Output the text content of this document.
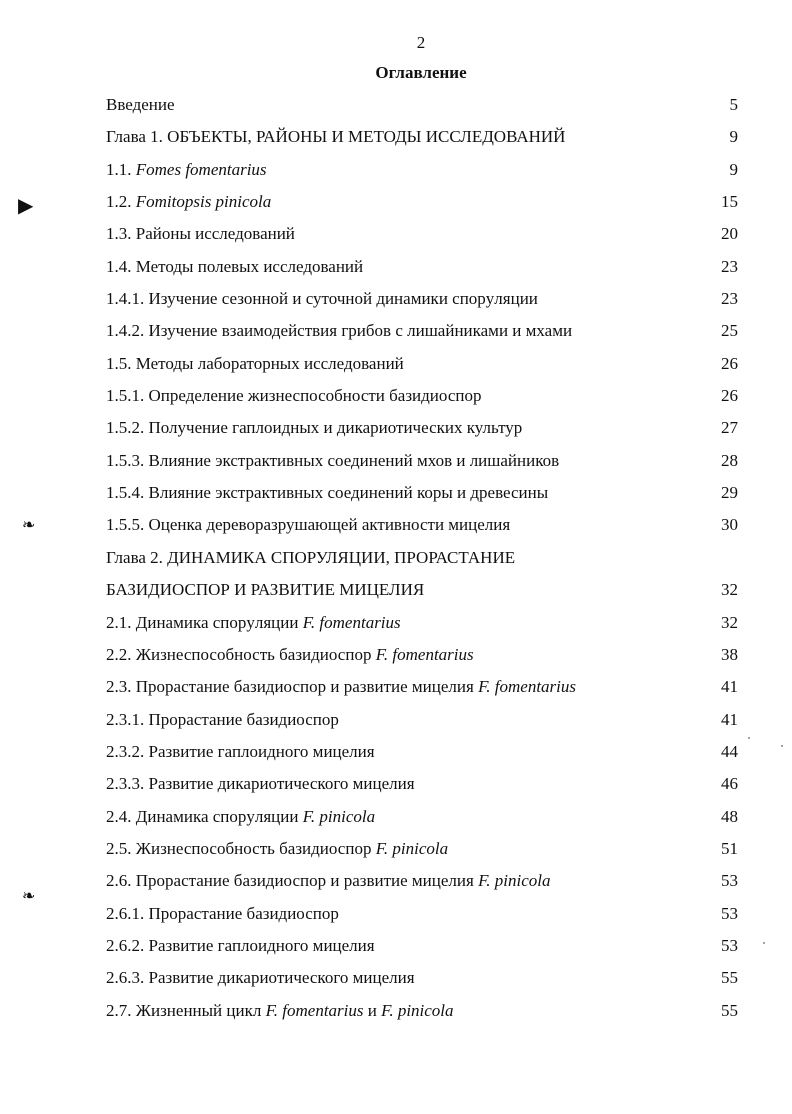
2
Оглавление
Введение	5
Глава 1. ОБЪЕКТЫ, РАЙОНЫ И МЕТОДЫ ИССЛЕДОВАНИЙ	9
1.1. Fomes fomentarius	9
1.2. Fomitopsis pinicola	15
1.3. Районы исследований	20
1.4. Методы полевых исследований	23
1.4.1. Изучение сезонной и суточной динамики спорyляции	23
1.4.2. Изучение взаимодействия грибов с лишайниками и мхами	25
1.5. Методы лабораторных исследований	26
1.5.1. Определение жизнеспособности базидиоспор	26
1.5.2. Получение гаплоидных и дикариотических культур	27
1.5.3. Влияние экстрактивных соединений мхов и лишайников	28
1.5.4. Влияние экстрактивных соединений коры и древесины	29
1.5.5. Оценка дереворазрушающей активности мицелия	30
Глава 2. ДИНАМИКА СПОРУЛЯЦИИ, ПРОРАСТАНИЕ
БАЗИДИОСПОР И РАЗВИТИЕ МИЦЕЛИЯ	32
2.1. Динамика спорyляции F. fomentarius	32
2.2. Жизнеспособность базидиоспор F. fomentarius	38
2.3. Прорастание базидиоспор и развитие мицелия F. fomentarius	41
2.3.1. Прорастание базидиоспор	41
2.3.2. Развитие гаплоидного мицелия	44
2.3.3. Развитие дикариотического мицелия	46
2.4. Динамика спорyляции F. pinicola	48
2.5. Жизнеспособность базидиоспор F. pinicola	51
2.6. Прорастание базидиоспор и развитие мицелия F. pinicola	53
2.6.1. Прорастание базидиоспор	53
2.6.2. Развитие гаплоидного мицелия	53
2.6.3. Развитие дикариотического мицелия	55
2.7. Жизненный цикл F. fomentarius и F. pinicola	55
▶
❧
❧
